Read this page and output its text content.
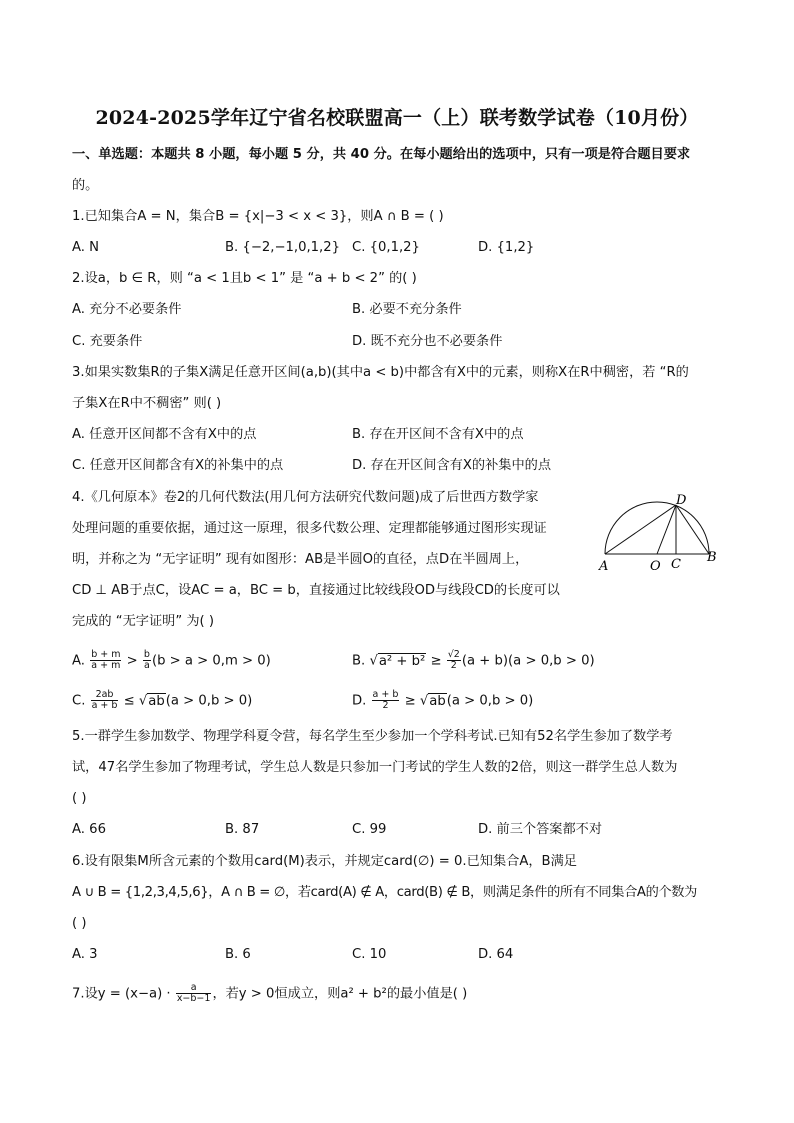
2024-2025学年辽宁省名校联盟高一（上）联考数学试卷（10月份）
一、单选题：本题共 8 小题，每小题 5 分，共 40 分。在每小题给出的选项中，只有一项是符合题目要求
的。
1.已知集合A = N，集合B = {x|−3 < x < 3}，则A ∩ B = ( )
A. N	B. {−2,−1,0,1,2} C. {0,1,2}	D. {1,2}
2.设a，b ∈ R，则 “a < 1且b < 1” 是 “a + b < 2” 的( )
A. 充分不必要条件	B. 必要不充分条件
C. 充要条件	D. 既不充分也不必要条件
3.如果实数集R的子集X满足任意开区间(a,b)(其中a < b)中都含有X中的元素，则称X在R中稠密，若 “R的
子集X在R中不稠密” 则( )
A. 任意开区间都不含有X中的点	B. 存在开区间不含有X中的点
C. 任意开区间都含有X的补集中的点	D. 存在开区间含有X的补集中的点
4.《几何原本》卷2的几何代数法(用几何方法研究代数问题)成了后世西方数学家
处理问题的重要依据，通过这一原理，很多代数公理、定理都能够通过图形实现证
明，并称之为 “无字证明” 现有如图形：AB是半圆O的直径，点D在半圆周上，
CD ⊥ AB于点C，设AC = a，BC = b，直接通过比较线段OD与线段CD的长度可以
完成的 “无字证明” 为( )
A	O C B
D
A. $\frac{b + m}{a + m} > \frac{b}{a} (b > a > 0,m > 0)$	B. $√a^2 + b^2 \ge \frac{√2}{2} (a + b)(a > 0,b > 0)$
C. $\frac{2ab}{a + b} \le √ab(a > 0,b > 0)$	D. $\frac{a + b}{2} \ge √ab(a > 0,b > 0)$
5.一群学生参加数学、物理学科夏令营，每名学生至少参加一个学科考试.已知有52名学生参加了数学考
试，47名学生参加了物理考试，学生总人数是只参加一门考试的学生人数的2倍，则这一群学生总人数为
( )
A. 66	B. 87	C. 99	D. 前三个答案都不对
6.设有限集M所含元素的个数用card(M)表示，并规定card(∅) = 0.已知集合A，B满足
A ∪ B = {1,2,3,4,5,6}，A ∩ B = ∅，若card(A) ∉ A，card(B) ∉ B，则满足条件的所有不同集合A的个数为
( )
A. 3	B. 6	C. 10	D. 64
7.设$y = (x-a) \cdot \frac{a}{x-b-1}$ ，若y > 0恒成立，则a² + b²的最小值是( )
